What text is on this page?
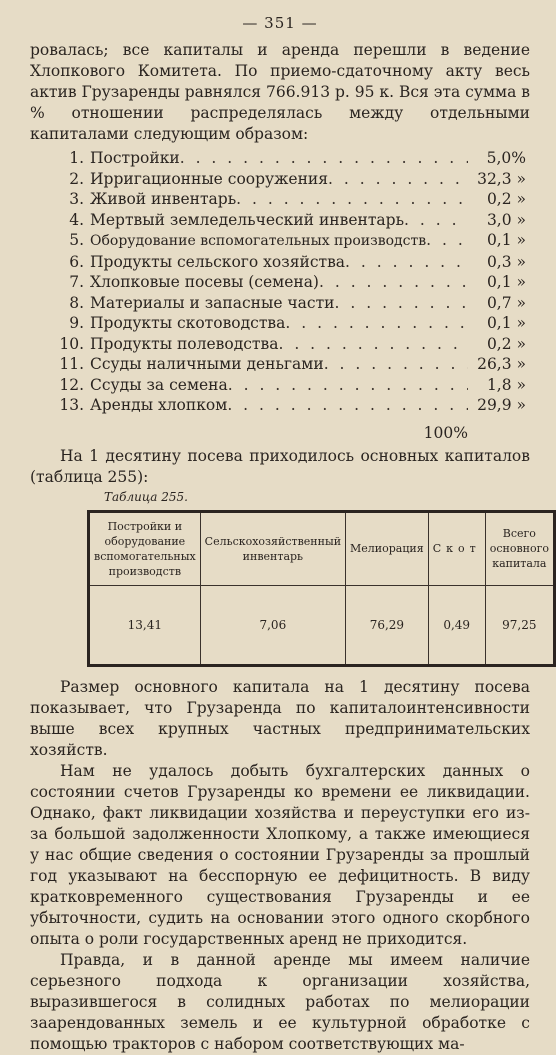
— 351 —

ровалась; все капиталы и аренда перешли в ведение Хлопкового Комитета. По приемо-сдаточному акту весь актив Грузаренды равнялся 766.913 р. 95 к. Вся эта сумма в % отношении распределялась между отдельными капиталами следующим образом:

1. Постройки . . .	5,0%
2. Ирригационные сооружения . . .	32,3 »
3. Живой инвентарь . . .	0,2 »
4. Мертвый земледельческий инвентарь . . .	3,0 »
5. Оборудование вспомогательных производств . . .	0,1 »
6. Продукты сельского хозяйства . . .	0,3 »
7. Хлопковые посевы (семена) . . .	0,1 »
8. Материалы и запасные части . . .	0,7 »
9. Продукты скотоводства . . .	0,1 »
10. Продукты полеводства . . .	0,2 »
11. Ссуды наличными деньгами . . .	26,3 »
12. Ссуды за семена . . .	1,8 »
13. Аренды хлопком . . .	29,9 »
100%

На 1 десятину посева приходилось основных капиталов (таблица 255):

Таблица 255.
Постройки и оборудование вспомогательных производств	Сельскохозяйственный инвентарь	Мелиорация	Скот	Всего основного капитала
13,41	7,06	76,29	0,49	97,25

Размер основного капитала на 1 десятину посева показывает, что Грузаренда по капиталоинтенсивности выше всех крупных частных предпринимательских хозяйств.

Нам не удалось добыть бухгалтерских данных о состоянии счетов Грузаренды ко времени ее ликвидации. Однако, факт ликвидации хозяйства и переуступки его из-за большой задолженности Хлопкому, а также имеющиеся у нас общие сведения о состоянии Грузаренды за прошлый год указывают на бесспорную ее дефицитность. В виду кратковременного существования Грузаренды и ее убыточности, судить на основании этого одного скорбного опыта о роли государственных аренд не приходится.

Правда, и в данной аренде мы имеем наличие серьезного подхода к организации хозяйства, выразившегося в солидных работах по мелиорации заарендованных земель и ее культурной обработке с помощью тракторов с набором соответствующих ма-
